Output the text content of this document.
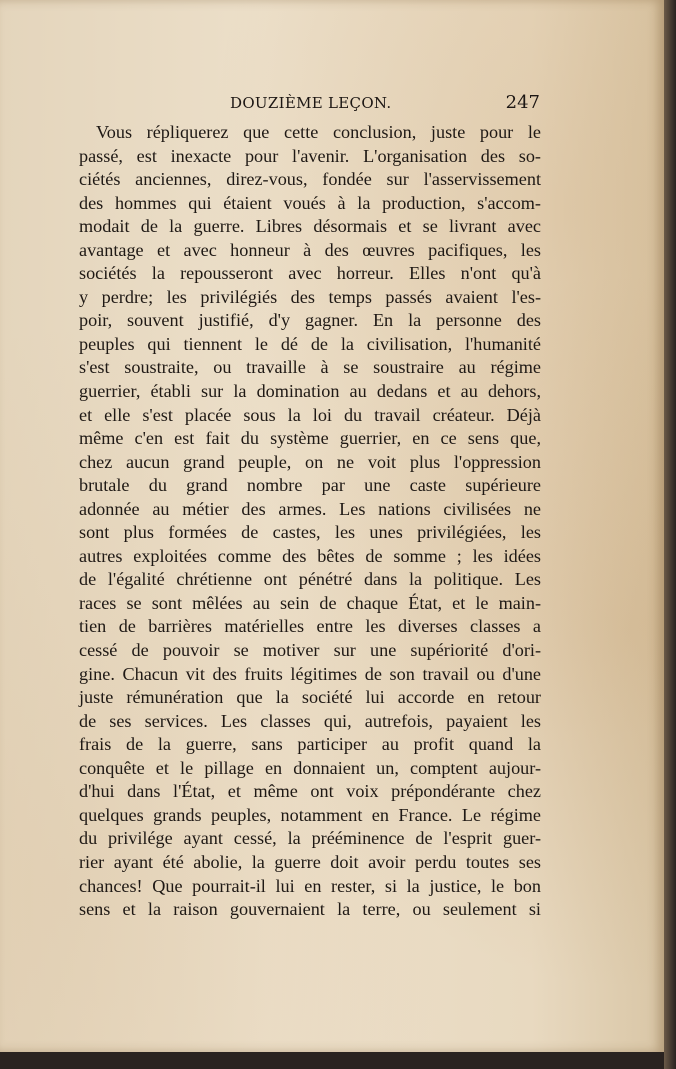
DOUZIÈME LEÇON.	247
Vous répliquerez que cette conclusion, juste pour le
passé, est inexacte pour l'avenir. L'organisation des so-
ciétés anciennes, direz-vous, fondée sur l'asservissement
des hommes qui étaient voués à la production, s'accom-
modait de la guerre. Libres désormais et se livrant avec
avantage et avec honneur à des œuvres pacifiques, les
sociétés la repousseront avec horreur. Elles n'ont qu'à
y perdre; les privilégiés des temps passés avaient l'es-
poir, souvent justifié, d'y gagner. En la personne des
peuples qui tiennent le dé de la civilisation, l'humanité
s'est soustraite, ou travaille à se soustraire au régime
guerrier, établi sur la domination au dedans et au dehors,
et elle s'est placée sous la loi du travail créateur. Déjà
même c'en est fait du système guerrier, en ce sens que,
chez aucun grand peuple, on ne voit plus l'oppression
brutale du grand nombre par une caste supérieure
adonnée au métier des armes. Les nations civilisées ne
sont plus formées de castes, les unes privilégiées, les
autres exploitées comme des bêtes de somme ; les idées
de l'égalité chrétienne ont pénétré dans la politique. Les
races se sont mêlées au sein de chaque État, et le main-
tien de barrières matérielles entre les diverses classes a
cessé de pouvoir se motiver sur une supériorité d'ori-
gine. Chacun vit des fruits légitimes de son travail ou d'une
juste rémunération que la société lui accorde en retour
de ses services. Les classes qui, autrefois, payaient les
frais de la guerre, sans participer au profit quand la
conquête et le pillage en donnaient un, comptent aujour-
d'hui dans l'État, et même ont voix prépondérante chez
quelques grands peuples, notamment en France. Le régime
du privilége ayant cessé, la prééminence de l'esprit guer-
rier ayant été abolie, la guerre doit avoir perdu toutes ses
chances! Que pourrait-il lui en rester, si la justice, le bon
sens et la raison gouvernaient la terre, ou seulement si
